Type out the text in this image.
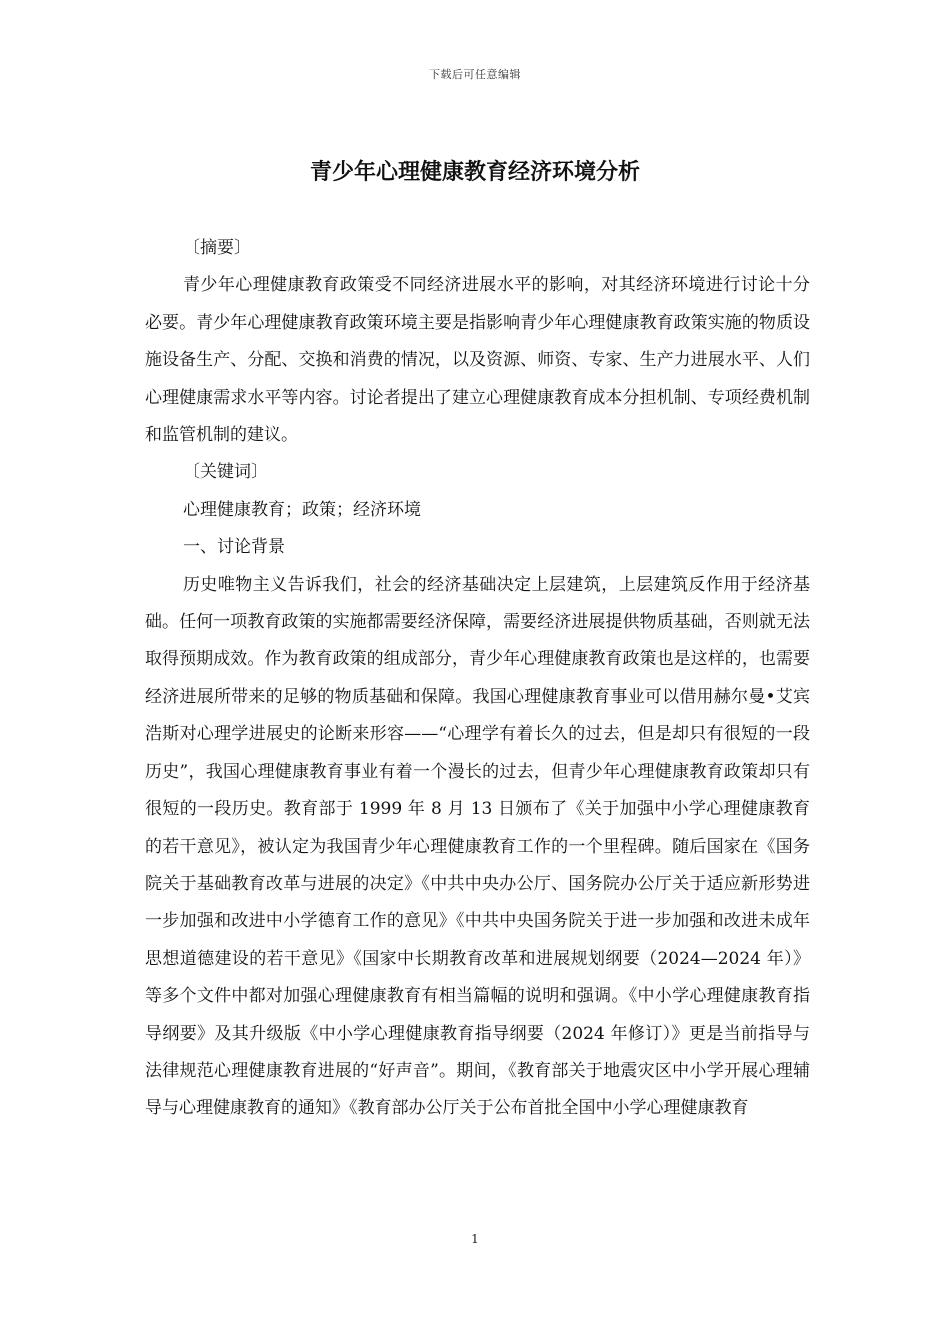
下载后可任意编辑
青少年心理健康教育经济环境分析

〔摘要〕

青少年心理健康教育政策受不同经济进展水平的影响，对其经济环境进行讨论十分必要。青少年心理健康教育政策环境主要是指影响青少年心理健康教育政策实施的物质设施设备生产、分配、交换和消费的情况，以及资源、师资、专家、生产力进展水平、人们心理健康需求水平等内容。讨论者提出了建立心理健康教育成本分担机制、专项经费机制和监管机制的建议。

〔关键词〕

心理健康教育；政策；经济环境

一、讨论背景

历史唯物主义告诉我们，社会的经济基础决定上层建筑，上层建筑反作用于经济基础。任何一项教育政策的实施都需要经济保障，需要经济进展提供物质基础，否则就无法取得预期成效。作为教育政策的组成部分，青少年心理健康教育政策也是这样的，也需要经济进展所带来的足够的物质基础和保障。我国心理健康教育事业可以借用赫尔曼•艾宾浩斯对心理学进展史的论断来形容——“心理学有着长久的过去，但是却只有很短的一段历史”，我国心理健康教育事业有着一个漫长的过去，但青少年心理健康教育政策却只有很短的一段历史。教育部于 1999 年 8 月 13 日颁布了《关于加强中小学心理健康教育的若干意见》，被认定为我国青少年心理健康教育工作的一个里程碑。随后国家在《国务院关于基础教育改革与进展的决定》《中共中央办公厅、国务院办公厅关于适应新形势进一步加强和改进中小学德育工作的意见》《中共中央国务院关于进一步加强和改进未成年思想道德建设的若干意见》《国家中长期教育改革和进展规划纲要（2024—2024 年）》等多个文件中都对加强心理健康教育有相当篇幅的说明和强调。《中小学心理健康教育指导纲要》及其升级版《中小学心理健康教育指导纲要（2024 年修订）》更是当前指导与法律规范心理健康教育进展的“好声音”。期间，《教育部关于地震灾区中小学开展心理辅导与心理健康教育的通知》《教育部办公厅关于公布首批全国中小学心理健康教育

1
